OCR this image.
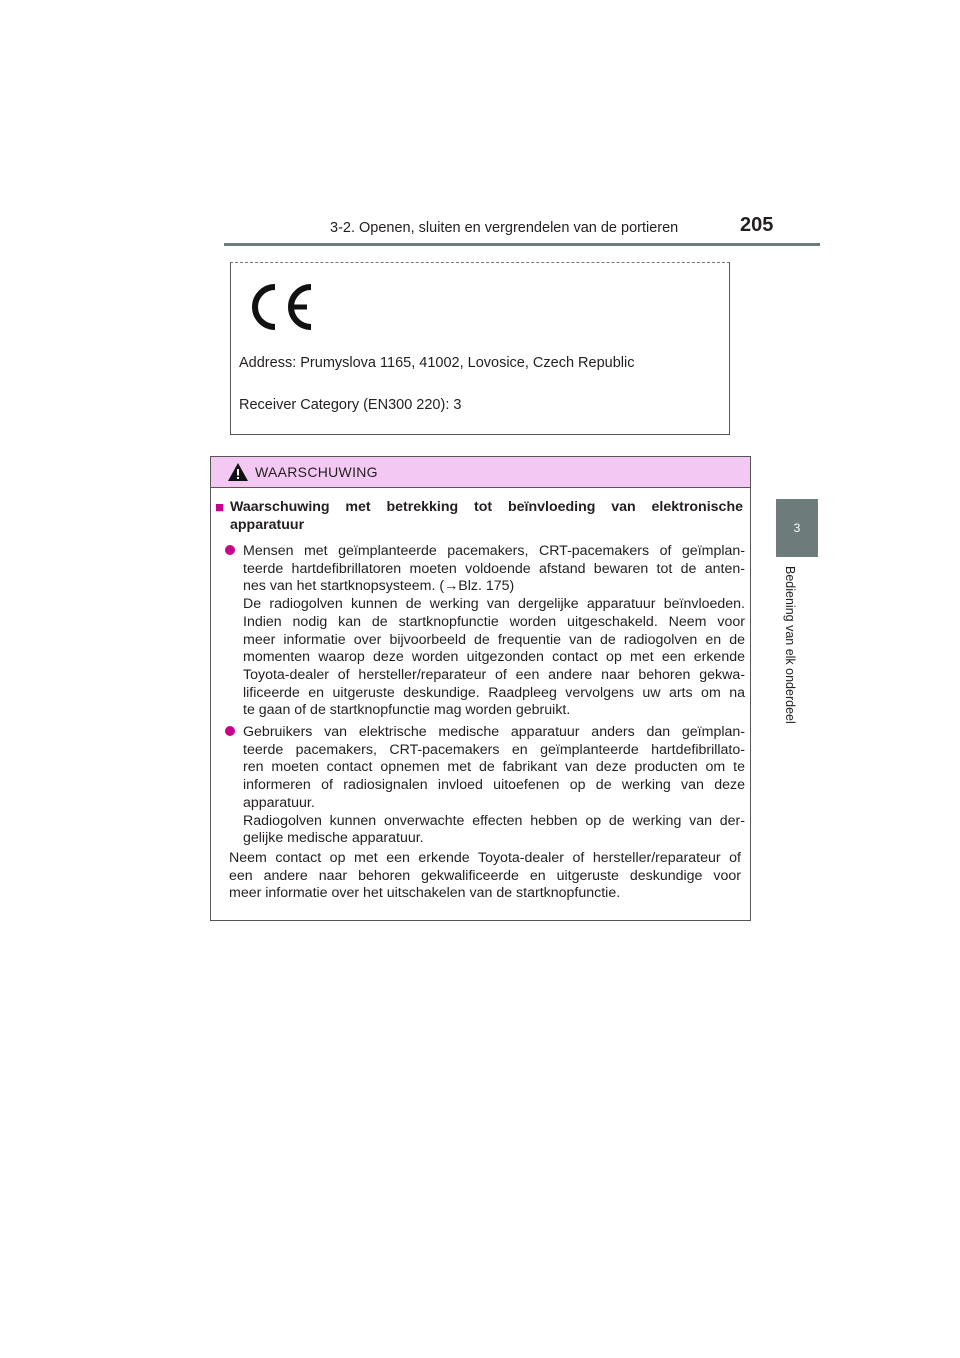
3-2. Openen, sluiten en vergrendelen van de portieren	205
3
Bediening van elk onderdeel
Address: Prumyslova 1165, 41002, Lovosice, Czech Republic
Receiver Category (EN300 220): 3
WAARSCHUWING
■ Waarschuwing met betrekking tot beïnvloeding van elektronische
apparatuur
Mensen met geïmplanteerde pacemakers, CRT-pacemakers of geïmplan-
teerde hartdefibrillatoren moeten voldoende afstand bewaren tot de anten-
nes van het startknopsysteem. (→Blz. 175)
De radiogolven kunnen de werking van dergelijke apparatuur beïnvloeden.
Indien nodig kan de startknopfunctie worden uitgeschakeld. Neem voor
meer informatie over bijvoorbeeld de frequentie van de radiogolven en de
momenten waarop deze worden uitgezonden contact op met een erkende
Toyota-dealer of hersteller/reparateur of een andere naar behoren gekwa-
lificeerde en uitgeruste deskundige. Raadpleeg vervolgens uw arts om na
te gaan of de startknopfunctie mag worden gebruikt.
Gebruikers van elektrische medische apparatuur anders dan geïmplan-
teerde pacemakers, CRT-pacemakers en geïmplanteerde hartdefibrillato-
ren moeten contact opnemen met de fabrikant van deze producten om te
informeren of radiosignalen invloed uitoefenen op de werking van deze
apparatuur.
Radiogolven kunnen onverwachte effecten hebben op de werking van der-
gelijke medische apparatuur.
Neem contact op met een erkende Toyota-dealer of hersteller/reparateur of
een andere naar behoren gekwalificeerde en uitgeruste deskundige voor
meer informatie over het uitschakelen van de startknopfunctie.
